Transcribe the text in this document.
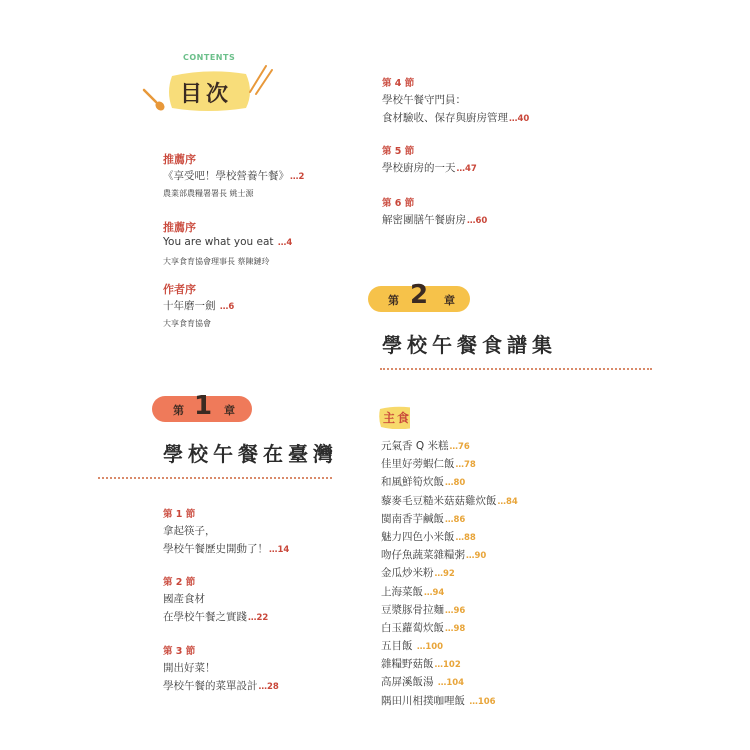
CONTENTS
目次
推薦序
《享受吧！學校營養午餐》…2
農業部農糧署署長 姚士源
推薦序
You are what you eat …4
大享食育協會理事長 蔡陳鏈玲
作者序
十年磨一劍 …6
大享食育協會
第 1 章
學校午餐在臺灣
第 1 節
拿起筷子，
學校午餐歷史開動了！…14
第 2 節
國產食材
在學校午餐之實踐…22
第 3 節
開出好菜！
學校午餐的菜單設計…28
第 4 節
學校午餐守門員：
食材驗收、保存與廚房管理…40
第 5 節
學校廚房的一天…47
第 6 節
解密團膳午餐廚房…60
第 2 章
學校午餐食譜集
主食
元氣香 Q 米糕…76
佳里好蒡蝦仁飯…78
和風鮮筍炊飯…80
藜麥毛豆糙米菇菇雞炊飯…84
閩南香芋鹹飯…86
魅力四色小米飯…88
吻仔魚蔬菜雜糧粥…90
金瓜炒米粉…92
上海菜飯…94
豆漿豚骨拉麵…96
白玉蘿蔔炊飯…98
五目飯 …100
雜糧野菇飯…102
高屏溪飯湯 …104
隅田川相撲咖哩飯 …106
